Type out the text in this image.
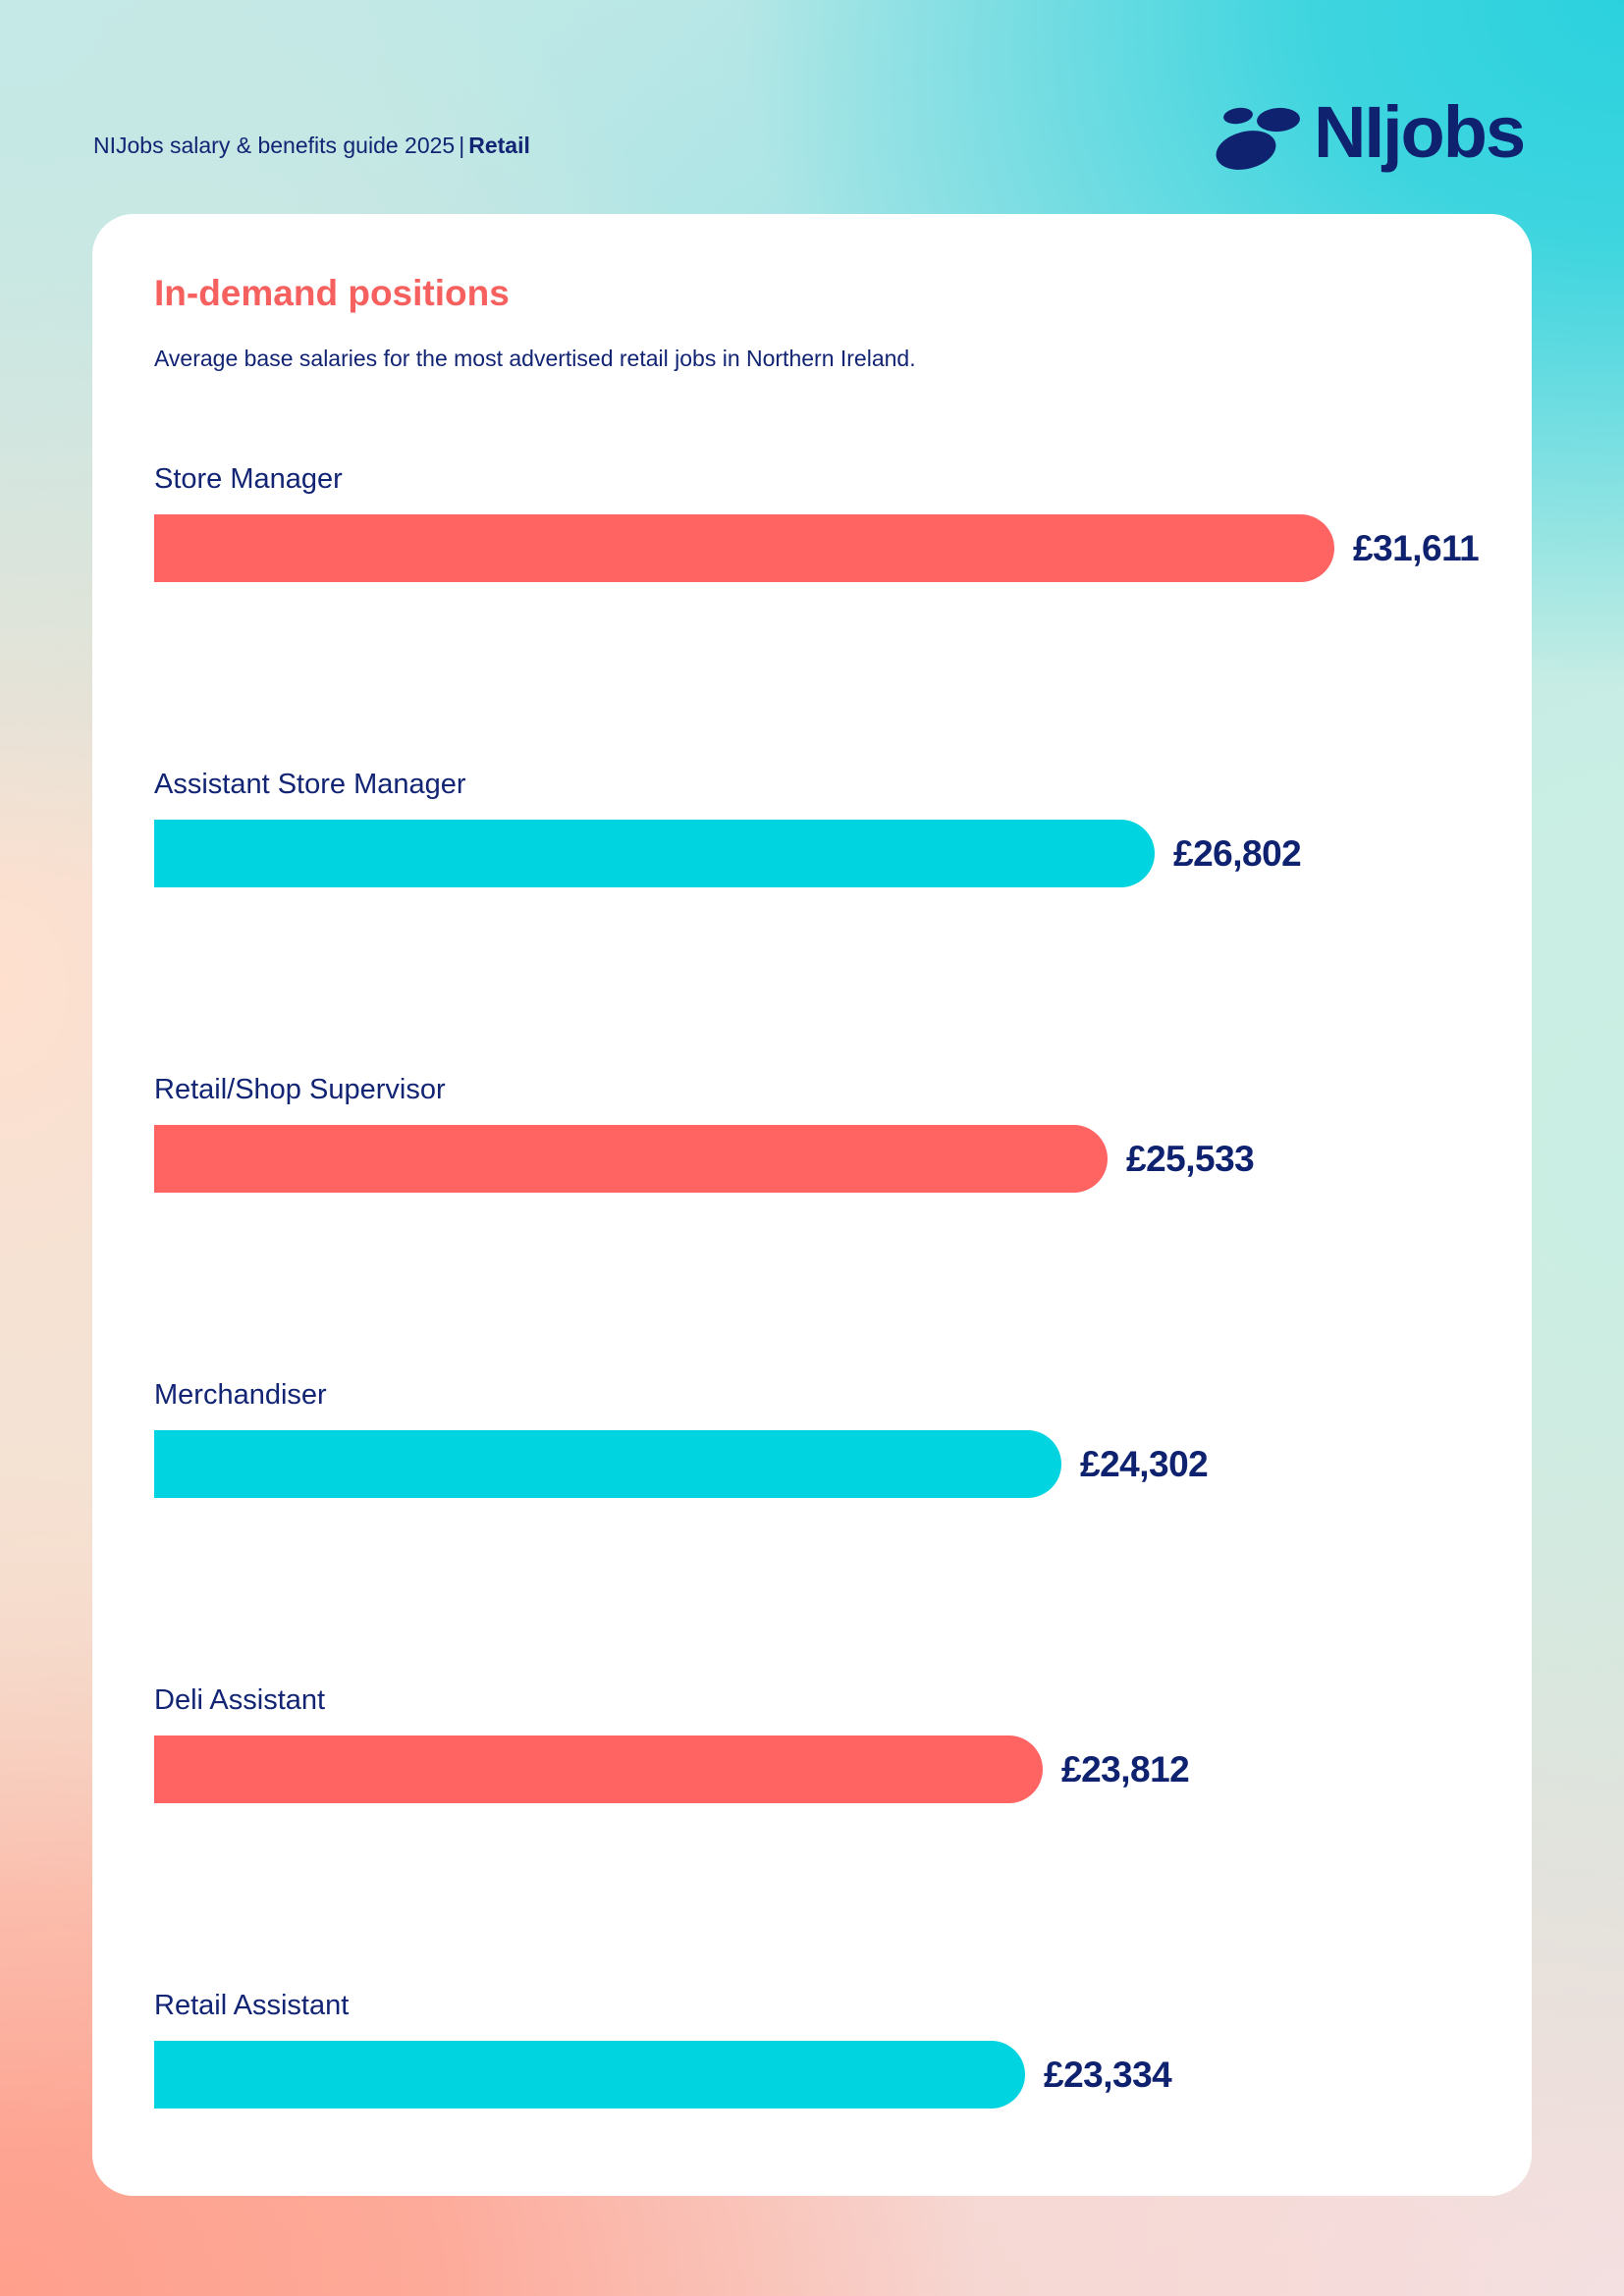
NIJobs salary & benefits guide 2025 | Retail	NIjobs
In-demand positions
Average base salaries for the most advertised retail jobs in Northern Ireland.
Store Manager
£31,611
Assistant Store Manager
£26,802
Retail/Shop Supervisor
£25,533
Merchandiser
£24,302
Deli Assistant
£23,812
Retail Assistant
£23,334
